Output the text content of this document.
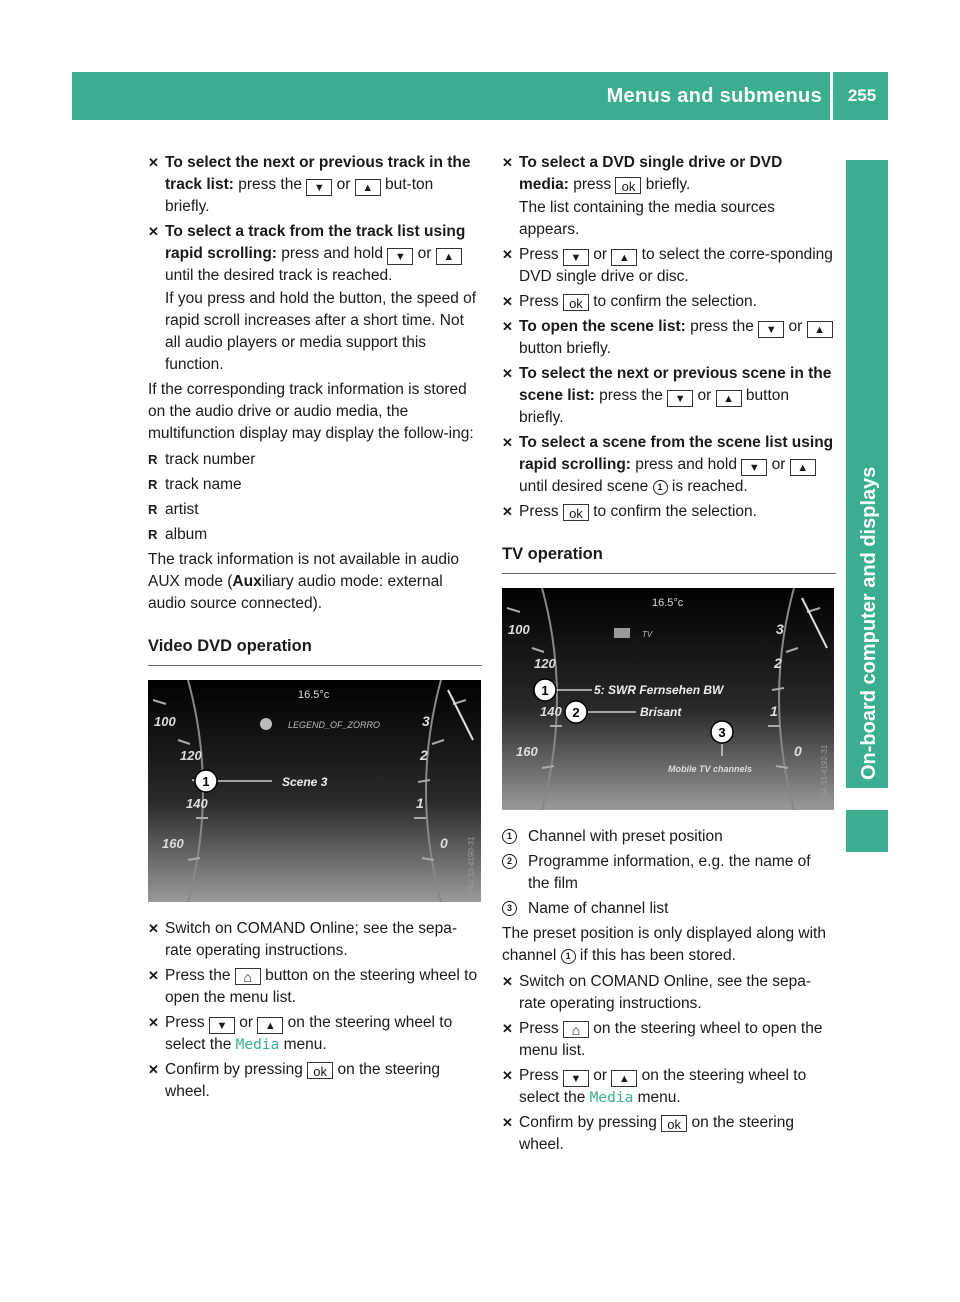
Menus and submenus	255
On-board computer and displays
✕ To select the next or previous track in the track list: press the ▼ or ▲ but-ton briefly.
✕ To select a track from the track list using rapid scrolling: press and hold ▼ or ▲ until the desired track is reached.
If you press and hold the button, the speed of rapid scroll increases after a short time. Not all audio players or media support this function.

If the corresponding track information is stored on the audio drive or audio media, the multifunction display may display the follow-ing:

R track number
R track name
R artist
R album

The track information is not available in audio AUX mode (Auxiliary audio mode: external audio source connected).

Video DVD operation
100
120
140
160
3
2
1
0
16.5°c
LEGEND_OF_ZORRO
Scene 3
1
P54.33-4190-31
✕ Switch on COMAND Online; see the sepa-rate operating instructions.
✕ Press the ⌂ button on the steering wheel to open the menu list.
✕ Press ▼ or ▲ on the steering wheel to select the Media menu.
✕ Confirm by pressing ok on the steering wheel.
✕ To select a DVD single drive or DVD media: press ok briefly.
The list containing the media sources appears.
✕ Press ▼ or ▲ to select the corre-sponding DVD single drive or disc.
✕ Press ok to confirm the selection.
✕ To open the scene list: press the ▼ or ▲ button briefly.
✕ To select the next or previous scene in the scene list: press the ▼ or ▲ button briefly.
✕ To select a scene from the scene list using rapid scrolling: press and hold ▼ or ▲ until desired scene 1 is reached.
✕ Press ok to confirm the selection.
TV operation
100
120
140
160
3
2
1
0
16.5°c
TV
5: SWR Fernsehen BW
Brisant
Mobile TV channels
1
2
3
P54.33-4192-31
1	Channel with preset position
2	Programme information, e.g. the name of the film
3	Name of channel list

The preset position is only displayed along with channel 1 if this has been stored.

✕ Switch on COMAND Online, see the sepa-rate operating instructions.
✕ Press ⌂ on the steering wheel to open the menu list.
✕ Press ▼ or ▲ on the steering wheel to select the Media menu.
✕ Confirm by pressing ok on the steering wheel.
